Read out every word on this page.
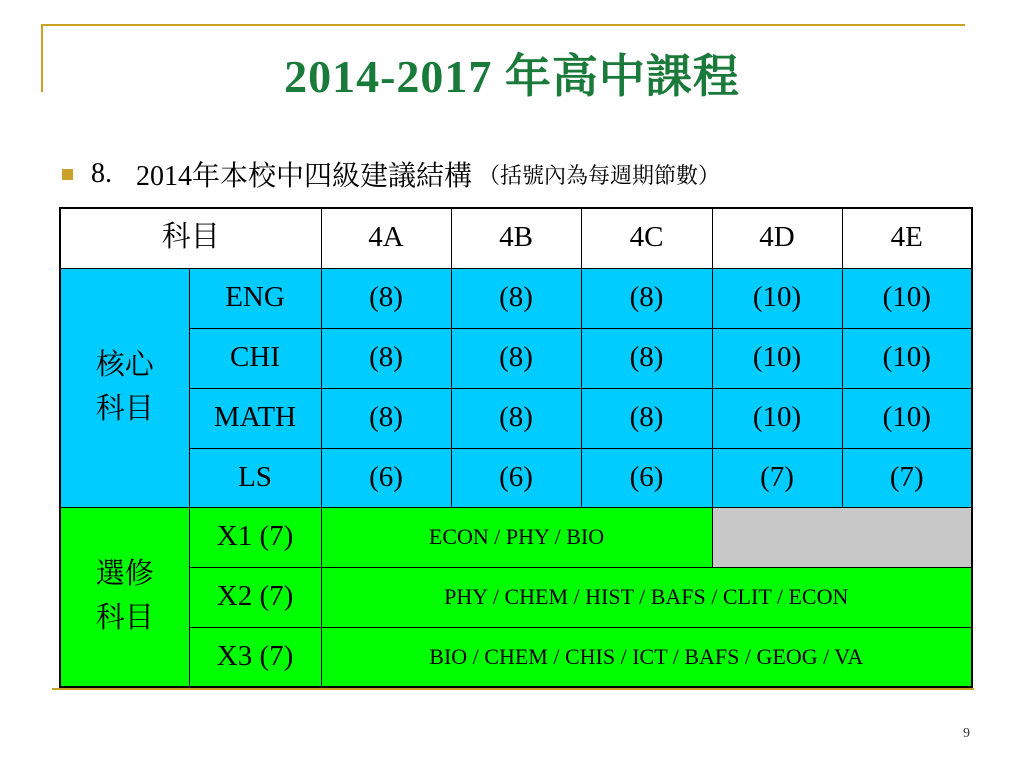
2014-2017 年高中課程
8. 2014年本校中四級建議結構 （括號內為每週期節數）
科目		4A	4B	4C	4D	4E
核心
科目	ENG	(8)	(8)	(8)	(10)	(10)
	CHI	(8)	(8)	(8)	(10)	(10)
	MATH	(8)	(8)	(8)	(10)	(10)
	LS	(6)	(6)	(6)	(7)	(7)
選修
科目	X1 (7)	ECON / PHY / BIO				
	X2 (7)	PHY / CHEM / HIST / BAFS / CLIT / ECON				
	X3 (7)	BIO / CHEM / CHIS / ICT / BAFS / GEOG / VA				
9
